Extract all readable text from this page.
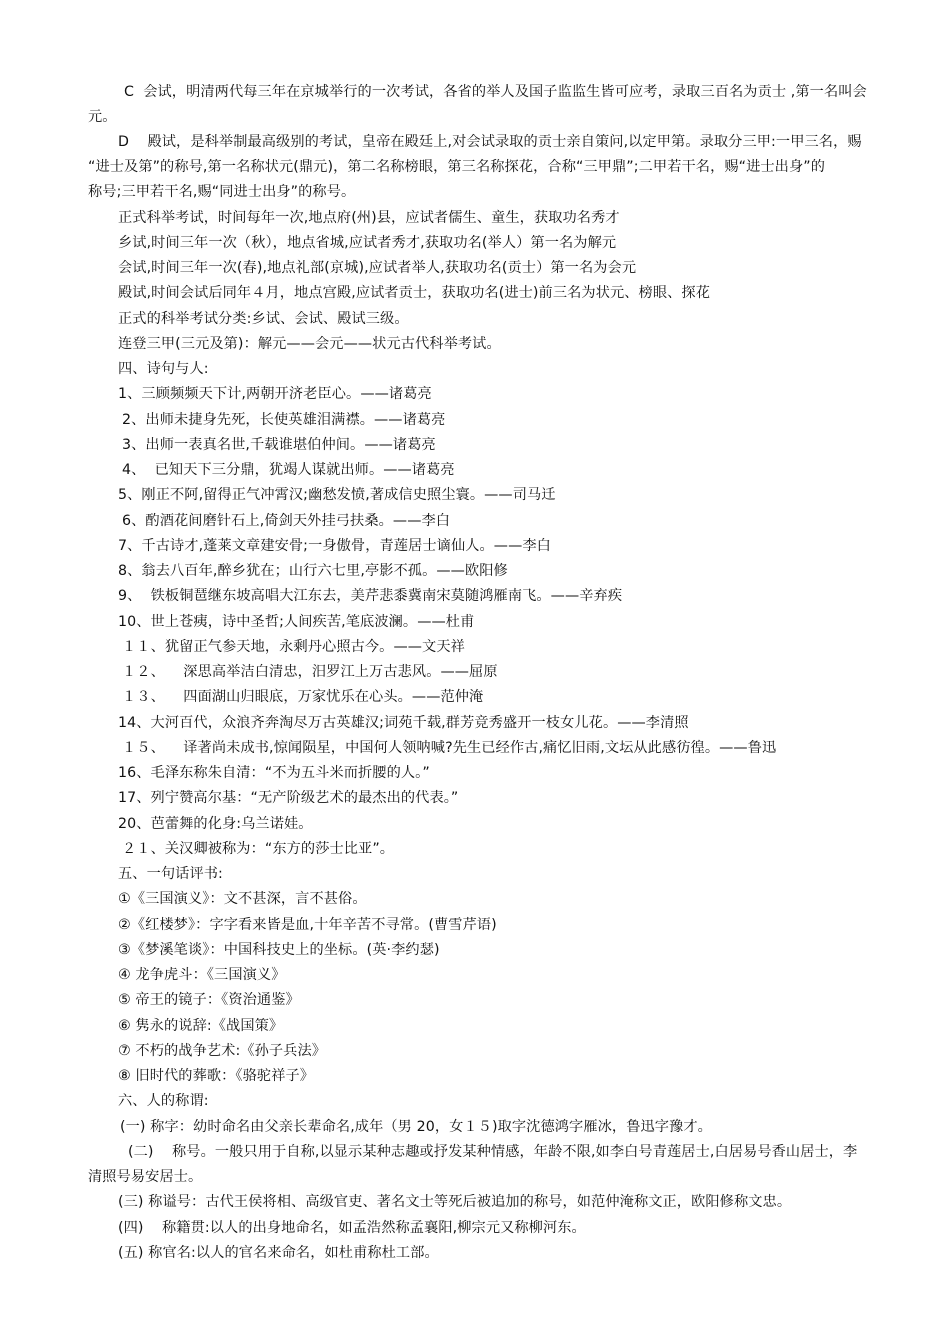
C  会试，明清两代每三年在京城举行的一次考试，各省的举人及国子监监生皆可应考，录取三百名为贡士 ,第一名叫会
元。
D    殿试，是科举制最高级别的考试，皇帝在殿廷上,对会试录取的贡士亲自策问,以定甲第。录取分三甲:一甲三名，赐
“进士及第”的称号,第一名称状元(鼎元)，第二名称榜眼，第三名称探花，合称“三甲鼎”;二甲若干名，赐“进士出身”的
称号;三甲若干名,赐“同进士出身”的称号。
正式科举考试，时间每年一次,地点府(州)县，应试者儒生、童生，获取功名秀才
乡试,时间三年一次（秋），地点省城,应试者秀才,获取功名(举人）第一名为解元
会试,时间三年一次(春),地点礼部(京城),应试者举人,获取功名(贡士）第一名为会元
殿试,时间会试后同年４月，地点宫殿,应试者贡士，获取功名(进士)前三名为状元、榜眼、探花
正式的科举考试分类:乡试、会试、殿试三级。
连登三甲(三元及第)：解元——会元——状元古代科举考试。
四、诗句与人:
1、三顾频频天下计,两朝开济老臣心。——诸葛亮
2、出师未捷身先死，长使英雄泪满襟。——诸葛亮
3、出师一表真名世,千载谁堪伯仲间。——诸葛亮
4、  已知天下三分鼎，犹竭人谋就出师。——诸葛亮
5、刚正不阿,留得正气冲霄汉;幽愁发愤,著成信史照尘寰。——司马迁
6、酌酒花间磨针石上,倚剑天外挂弓扶桑。——李白
7、千古诗才,蓬莱文章建安骨;一身傲骨，青莲居士谪仙人。——李白
8、翁去八百年,醉乡犹在；山行六七里,亭影不孤。——欧阳修
9、  铁板铜琶继东坡高唱大江东去，美芹悲黍冀南宋莫随鸿雁南飞。——辛弃疾
10、世上苍痍，诗中圣哲;人间疾苦,笔底波澜。——杜甫
１１、犹留正气参天地，永剩丹心照古今。——文天祥
１２、    深思高举洁白清忠，汨罗江上万古悲风。——屈原
１３、    四面湖山归眼底，万家忧乐在心头。——范仲淹
14、大河百代，众浪齐奔淘尽万古英雄汉;词苑千载,群芳竞秀盛开一枝女儿花。——李清照
１５、    译著尚未成书,惊闻陨星，中国何人领呐喊?先生已经作古,痛忆旧雨,文坛从此感彷徨。——鲁迅
16、毛泽东称朱自清：“不为五斗米而折腰的人。”
17、列宁赞高尔基：“无产阶级艺术的最杰出的代表。”
20、芭蕾舞的化身:乌兰诺娃。
２１、关汉卿被称为：“东方的莎士比亚”。
五、一句话评书:
①《三国演义》：文不甚深，言不甚俗。
②《红楼梦》：字字看来皆是血,十年辛苦不寻常。(曹雪芹语)
③《梦溪笔谈》：中国科技史上的坐标。(英·李约瑟)
④ 龙争虎斗：《三国演义》
⑤ 帝王的镜子：《资治通鉴》
⑥ 隽永的说辞:《战国策》
⑦ 不朽的战争艺术:《孙子兵法》
⑧ 旧时代的葬歌：《骆驼祥子》
六、人的称谓:
(一) 称字：幼时命名由父亲长辈命名,成年（男 20，女１５)取字沈德鸿字雁冰，鲁迅字豫才。
(二)    称号。一般只用于自称,以显示某种志趣或抒发某种情感，年龄不限,如李白号青莲居士,白居易号香山居士，李
清照号易安居士。
(三) 称谥号：古代王侯将相、高级官吏、著名文士等死后被追加的称号，如范仲淹称文正，欧阳修称文忠。
(四)    称籍贯:以人的出身地命名，如孟浩然称孟襄阳,柳宗元又称柳河东。
(五) 称官名:以人的官名来命名，如杜甫称杜工部。
